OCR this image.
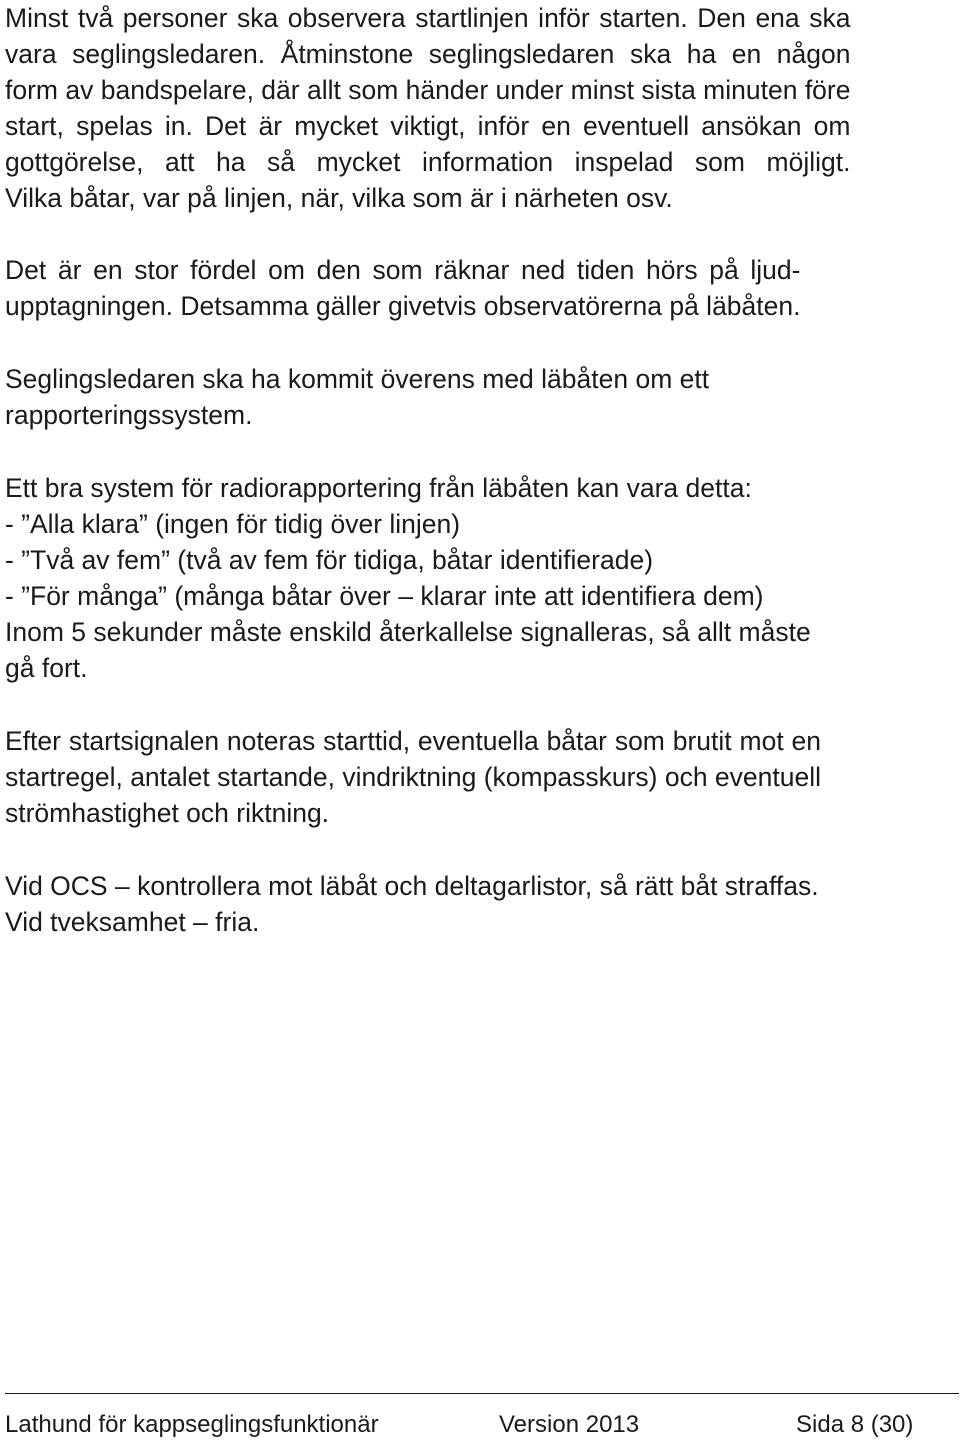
Minst två personer ska observera startlinjen inför starten. Den ena ska
vara seglingsledaren. Åtminstone seglingsledaren ska ha en någon
form av bandspelare, där allt som händer under minst sista minuten före
start, spelas in. Det är mycket viktigt, inför en eventuell ansökan om
gottgörelse, att ha så mycket information inspelad som möjligt.
Vilka båtar, var på linjen, när, vilka som är i närheten osv.

Det är en stor fördel om den som räknar ned tiden hörs på ljud-
upptagningen. Detsamma gäller givetvis observatörerna på läbåten.

Seglingsledaren ska ha kommit överens med läbåten om ett
rapporteringssystem.

Ett bra system för radiorapportering från läbåten kan vara detta:
- ”Alla klara” (ingen för tidig över linjen)
- ”Två av fem” (två av fem för tidiga, båtar identifierade)
- ”För många” (många båtar över – klarar inte att identifiera dem)
Inom 5 sekunder måste enskild återkallelse signalleras, så allt måste
gå fort.

Efter startsignalen noteras starttid, eventuella båtar som brutit mot en
startregel, antalet startande, vindriktning (kompasskurs) och eventuell
strömhastighet och riktning.

Vid OCS – kontrollera mot läbåt och deltagarlistor, så rätt båt straffas.
Vid tveksamhet – fria.

Lathund för kappseglingsfunktionär	Version 2013	Sida 8 (30)
